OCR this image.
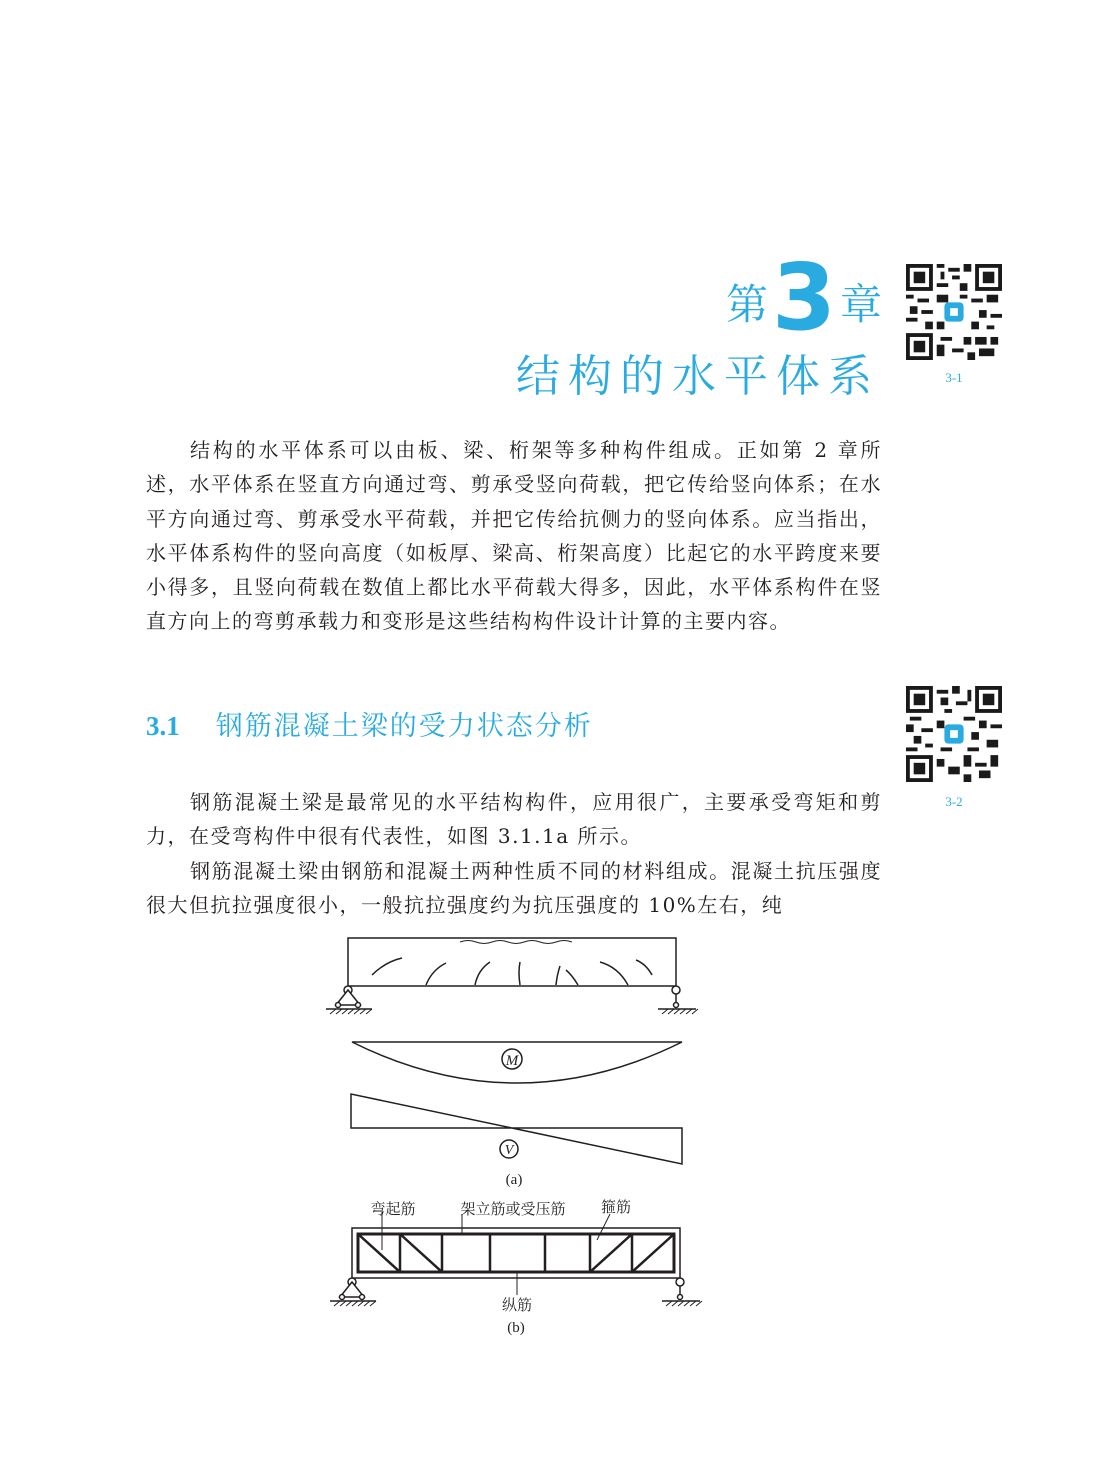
第3章
结构的水平体系	3-1
结构的水平体系可以由板、梁、桁架等多种构件组成。正如第 2 章所述，水平体系在竖直方向通过弯、剪承受竖向荷载，把它传给竖向体系；在水平方向通过弯、剪承受水平荷载，并把它传给抗侧力的竖向体系。应当指出，水平体系构件的竖向高度（如板厚、梁高、桁架高度）比起它的水平跨度来要小得多，且竖向荷载在数值上都比水平荷载大得多，因此，水平体系构件在竖直方向上的弯剪承载力和变形是这些结构构件设计计算的主要内容。
3-2
3.1 钢筋混凝土梁的受力状态分析
钢筋混凝土梁是最常见的水平结构构件，应用很广，主要承受弯矩和剪力，在受弯构件中很有代表性，如图 3.1.1a 所示。
钢筋混凝土梁由钢筋和混凝土两种性质不同的材料组成。混凝土抗压强度很大但抗拉强度很小，一般抗拉强度约为抗压强度的 10%左右，纯
M
V
(a)
弯起筋	架立筋或受压筋 箍筋
纵筋
(b)
